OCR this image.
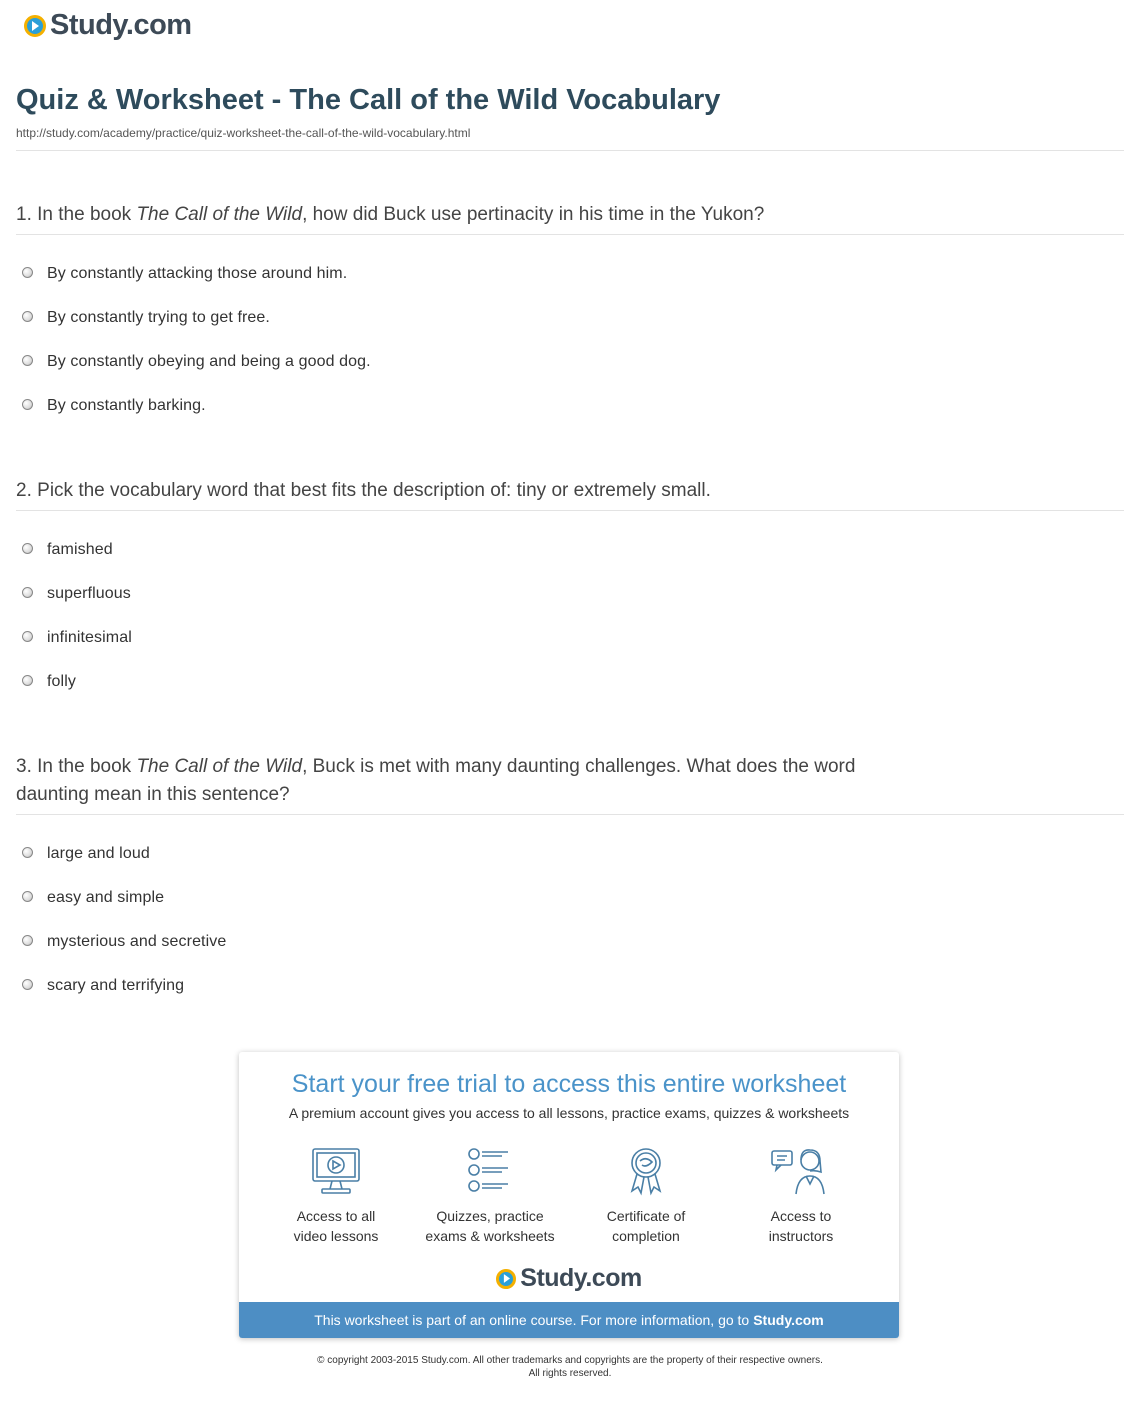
Study.com
Quiz & Worksheet - The Call of the Wild Vocabulary
http://study.com/academy/practice/quiz-worksheet-the-call-of-the-wild-vocabulary.html
1. In the book The Call of the Wild, how did Buck use pertinacity in his time in the Yukon?
By constantly attacking those around him.
By constantly trying to get free.
By constantly obeying and being a good dog.
By constantly barking.
2. Pick the vocabulary word that best fits the description of: tiny or extremely small.
famished
superfluous
infinitesimal
folly
3. In the book The Call of the Wild, Buck is met with many daunting challenges. What does the word daunting mean in this sentence?
large and loud
easy and simple
mysterious and secretive
scary and terrifying
Start your free trial to access this entire worksheet
A premium account gives you access to all lessons, practice exams, quizzes & worksheets
Access to all
video lessons
Quizzes, practice
exams & worksheets
Certificate of
completion
Access to
instructors
Study.com
This worksheet is part of an online course. For more information, go to Study.com
© copyright 2003-2015 Study.com. All other trademarks and copyrights are the property of their respective owners.
All rights reserved.
